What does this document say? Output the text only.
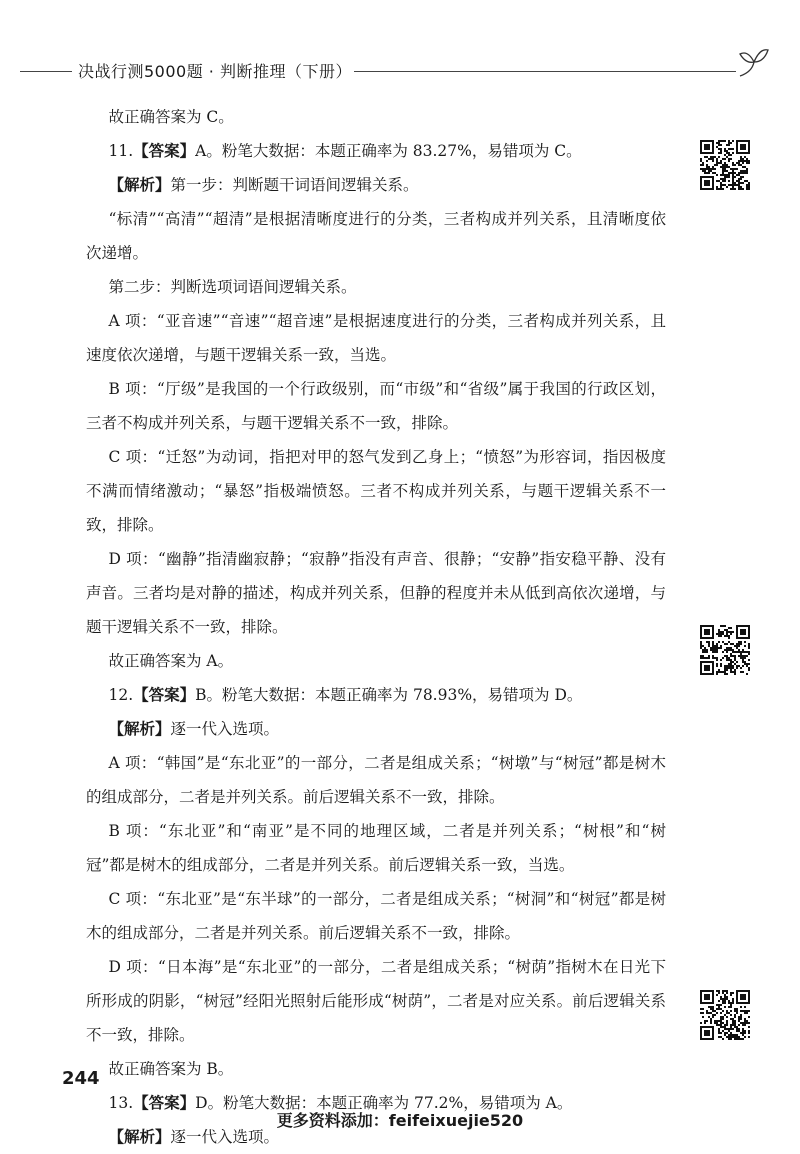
决战行测5000题 · 判断推理（下册）

故正确答案为 C。

11.【答案】A。粉笔大数据：本题正确率为 83.27%，易错项为 C。

【解析】第一步：判断题干词语间逻辑关系。

“标清”“高清”“超清”是根据清晰度进行的分类，三者构成并列关系，且清晰度依次递增。

第二步：判断选项词语间逻辑关系。

A 项：“亚音速”“音速”“超音速”是根据速度进行的分类，三者构成并列关系，且速度依次递增，与题干逻辑关系一致，当选。

B 项：“厅级”是我国的一个行政级别，而“市级”和“省级”属于我国的行政区划，三者不构成并列关系，与题干逻辑关系不一致，排除。

C 项：“迁怒”为动词，指把对甲的怒气发到乙身上；“愤怒”为形容词，指因极度不满而情绪激动；“暴怒”指极端愤怒。三者不构成并列关系，与题干逻辑关系不一致，排除。

D 项：“幽静”指清幽寂静；“寂静”指没有声音、很静；“安静”指安稳平静、没有声音。三者均是对静的描述，构成并列关系，但静的程度并未从低到高依次递增，与题干逻辑关系不一致，排除。

故正确答案为 A。

12.【答案】B。粉笔大数据：本题正确率为 78.93%，易错项为 D。

【解析】逐一代入选项。

A 项：“韩国”是“东北亚”的一部分，二者是组成关系；“树墩”与“树冠”都是树木的组成部分，二者是并列关系。前后逻辑关系不一致，排除。

B 项：“东北亚”和“南亚”是不同的地理区域，二者是并列关系；“树根”和“树冠”都是树木的组成部分，二者是并列关系。前后逻辑关系一致，当选。

C 项：“东北亚”是“东半球”的一部分，二者是组成关系；“树洞”和“树冠”都是树木的组成部分，二者是并列关系。前后逻辑关系不一致，排除。

D 项：“日本海”是“东北亚”的一部分，二者是组成关系；“树荫”指树木在日光下所形成的阴影，“树冠”经阳光照射后能形成“树荫”，二者是对应关系。前后逻辑关系不一致，排除。

故正确答案为 B。

13.【答案】D。粉笔大数据：本题正确率为 77.2%，易错项为 A。

【解析】逐一代入选项。

244
更多资料添加：feifeixuejie520
